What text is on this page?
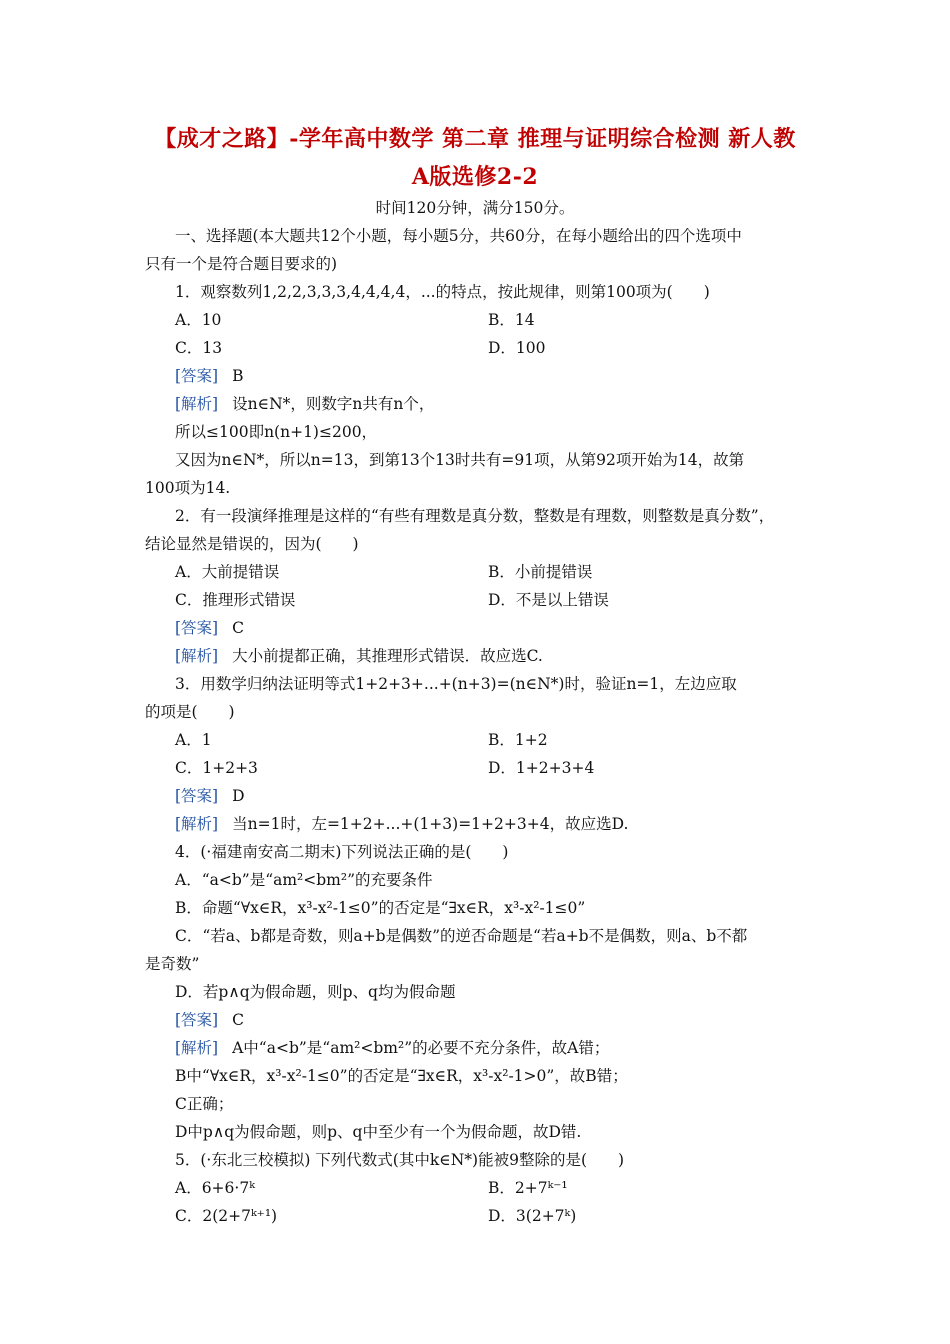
【成才之路】-学年高中数学 第二章 推理与证明综合检测 新人教
A版选修2-2
时间120分钟，满分150分。
一、选择题(本大题共12个小题，每小题5分，共60分，在每小题给出的四个选项中
只有一个是符合题目要求的)
1．观察数列1,2,2,3,3,3,4,4,4,4，...的特点，按此规律，则第100项为(　　)
A．10	B．14
C．13	D．100
[答案] B
[解析] 设n∈N*，则数字n共有n个，
所以≤100即n(n+1)≤200，
又因为n∈N*，所以n=13，到第13个13时共有=91项，从第92项开始为14，故第
100项为14.
2．有一段演绎推理是这样的“有些有理数是真分数，整数是有理数，则整数是真分数”，
结论显然是错误的，因为(　　)
A．大前提错误	B．小前提错误
C．推理形式错误	D．不是以上错误
[答案] C
[解析] 大小前提都正确，其推理形式错误．故应选C.
3．用数学归纳法证明等式1+2+3+...+(n+3)=(n∈N*)时，验证n=1，左边应取
的项是(　　)
A．1	B．1+2
C．1+2+3	D．1+2+3+4
[答案] D
[解析] 当n=1时，左=1+2+...+(1+3)=1+2+3+4，故应选D.
4．(·福建南安高二期末)下列说法正确的是(　　)
A．“a<b”是“am²<bm²”的充要条件
B．命题“∀x∈R，x³-x²-1≤0”的否定是“∃x∈R，x³-x²-1≤0”
C．“若a、b都是奇数，则a+b是偶数”的逆否命题是“若a+b不是偶数，则a、b不都
是奇数”
D．若p∧q为假命题，则p、q均为假命题
[答案] C
[解析] A中“a<b”是“am²<bm²”的必要不充分条件，故A错；
B中“∀x∈R，x³-x²-1≤0”的否定是“∃x∈R，x³-x²-1>0”，故B错；
C正确；
D中p∧q为假命题，则p、q中至少有一个为假命题，故D错.
5．(·东北三校模拟) 下列代数式(其中k∈N*)能被9整除的是(　　)
A．6+6·7ᵏ	B．2+7ᵏ⁻¹
C．2(2+7ᵏ⁺¹)	D．3(2+7ᵏ)
